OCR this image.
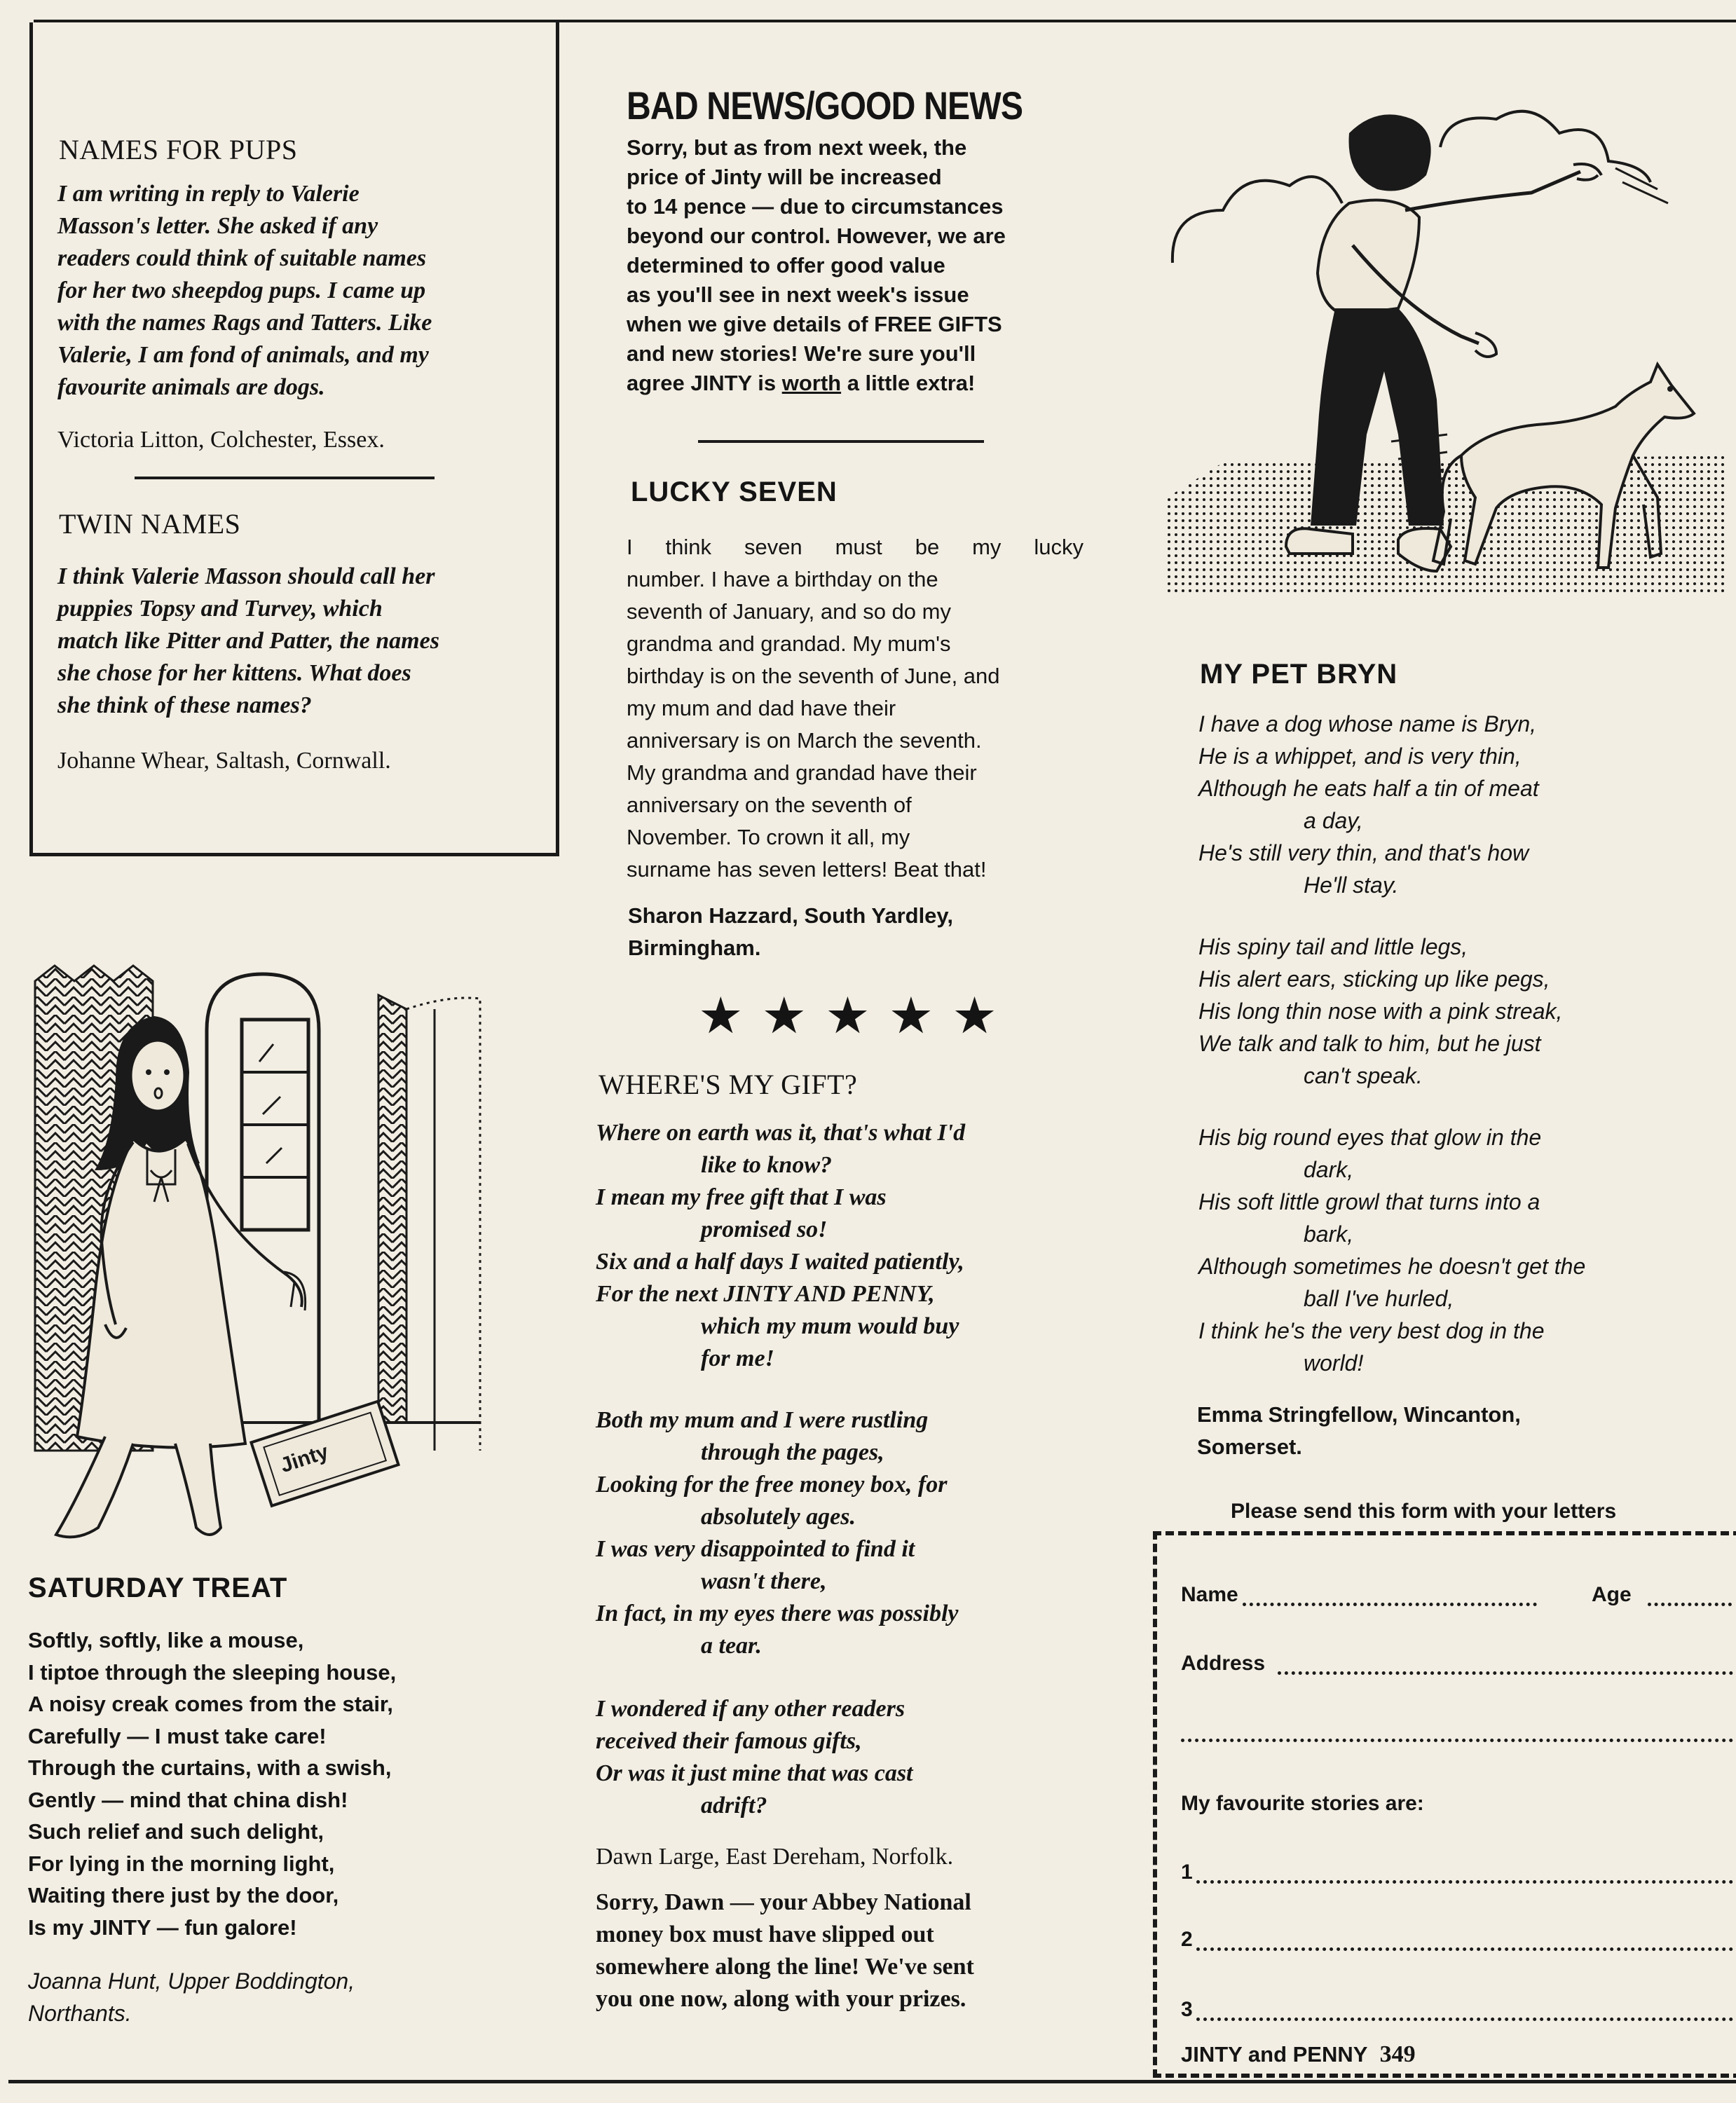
NAMES FOR PUPS
I am writing in reply to Valerie
Masson's letter. She asked if any
readers could think of suitable names
for her two sheepdog pups. I came up
with the names Rags and Tatters. Like
Valerie, I am fond of animals, and my
favourite animals are dogs.
Victoria Litton, Colchester, Essex.
TWIN NAMES
I think Valerie Masson should call her
puppies Topsy and Turvey, which
match like Pitter and Patter, the names
she chose for her kittens. What does
she think of these names?
Johanne Whear, Saltash, Cornwall.
BAD NEWS/GOOD NEWS
Sorry, but as from next week, the
price of Jinty will be increased
to 14 pence — due to circumstances
beyond our control. However, we are
determined to offer good value
as you'll see in next week's issue
when we give details of FREE GIFTS
and new stories! We're sure you'll
agree JINTY is worth a little extra!
LUCKY SEVEN
I think seven must be my lucky
number. I have a birthday on the
seventh of January, and so do my
grandma and grandad. My mum's
birthday is on the seventh of June, and
my mum and dad have their
anniversary is on March the seventh.
My grandma and grandad have their
anniversary on the seventh of
November. To crown it all, my
surname has seven letters! Beat that!
Sharon Hazzard, South Yardley,
Birmingham.
★★★★★
WHERE'S MY GIFT?
Where on earth was it, that's what I'd
like to know?
I mean my free gift that I was
promised so!
Six and a half days I waited patiently,
For the next JINTY AND PENNY,
which my mum would buy
for me!
Both my mum and I were rustling
through the pages,
Looking for the free money box, for
absolutely ages.
I was very disappointed to find it
wasn't there,
In fact, in my eyes there was possibly
a tear.
I wondered if any other readers
received their famous gifts,
Or was it just mine that was cast
adrift?
Dawn Large, East Dereham, Norfolk.
Sorry, Dawn — your Abbey National
money box must have slipped out
somewhere along the line! We've sent
you one now, along with your prizes.
Jinty
SATURDAY TREAT
Softly, softly, like a mouse,
I tiptoe through the sleeping house,
A noisy creak comes from the stair,
Carefully — I must take care!
Through the curtains, with a swish,
Gently — mind that china dish!
Such relief and such delight,
For lying in the morning light,
Waiting there just by the door,
Is my JINTY — fun galore!
Joanna Hunt, Upper Boddington,
Northants.
MY PET BRYN
I have a dog whose name is Bryn,
He is a whippet, and is very thin,
Although he eats half a tin of meat
a day,
He's still very thin, and that's how
He'll stay.
His spiny tail and little legs,
His alert ears, sticking up like pegs,
His long thin nose with a pink streak,
We talk and talk to him, but he just
can't speak.
His big round eyes that glow in the
dark,
His soft little growl that turns into a
bark,
Although sometimes he doesn't get the
ball I've hurled,
I think he's the very best dog in the
world!
Emma Stringfellow, Wincanton,
Somerset.
Please send this form with your letters
Name	Age
Address
My favourite stories are:
1
2
3
JINTY and PENNY 349
